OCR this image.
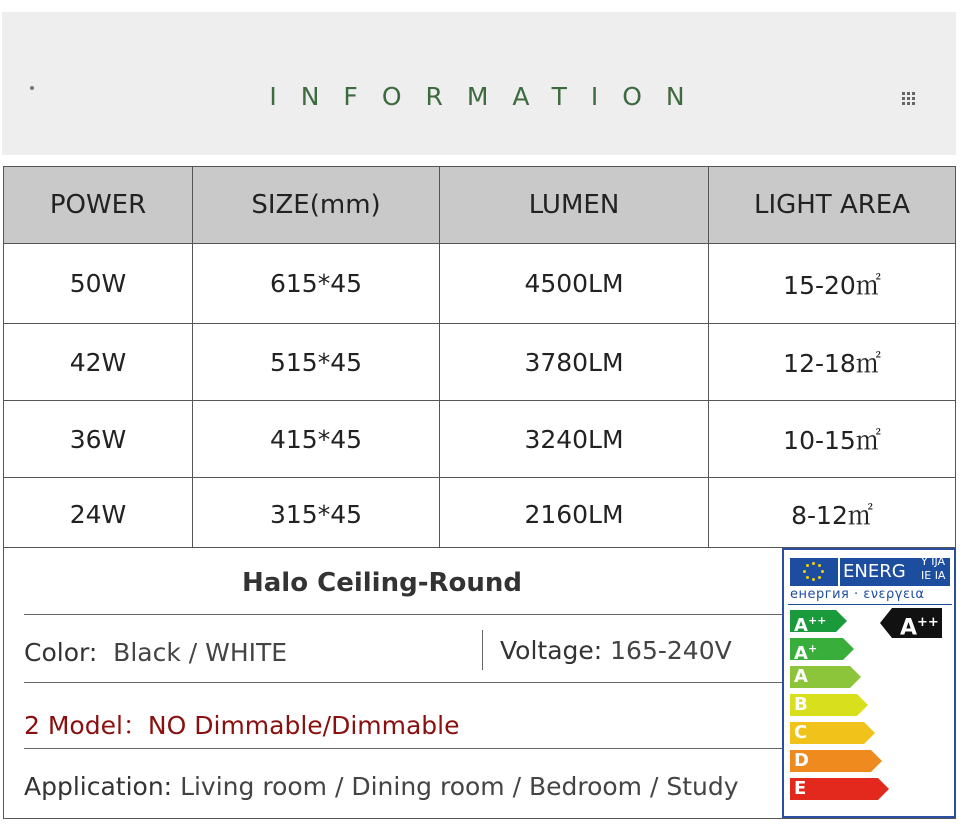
INFORMATION
POWER	SIZE(mm)	LUMEN	LIGHT AREA
50W	615*45	4500LM	15-20㎡
42W	515*45	3780LM	12-18㎡
36W	415*45	3240LM	10-15㎡
24W	315*45	2160LM	8-12㎡
Halo Ceiling-Round
Color: Black / WHITE	Voltage: 165-240V
2 Model：NO Dimmable/Dimmable
Application: Living room / Dining room / Bedroom / Study
ENERG Y IJA
IE IA
енергия · ενεργεια
A++
A+
A
B
C
D
E
A++
